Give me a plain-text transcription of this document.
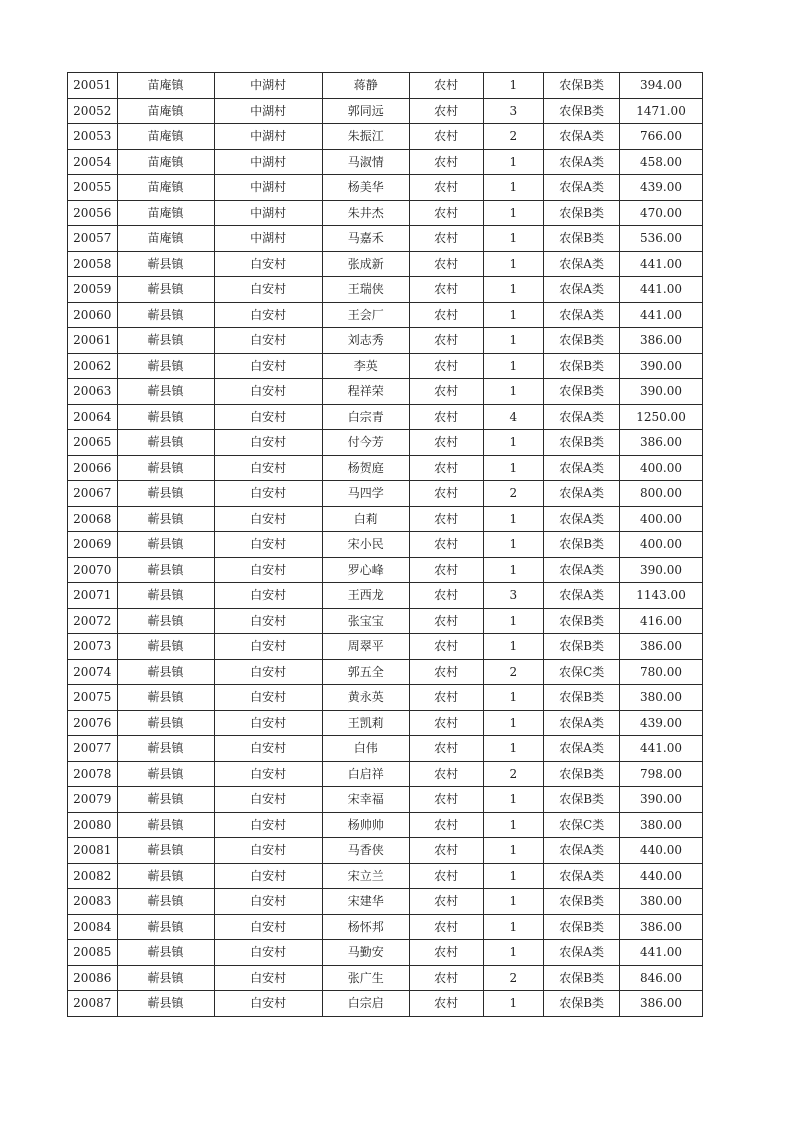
20051	苗庵镇	中湖村	蒋静	农村	1	农保B类	394.00
20052	苗庵镇	中湖村	郭同远	农村	3	农保B类	1471.00
20053	苗庵镇	中湖村	朱振江	农村	2	农保A类	766.00
20054	苗庵镇	中湖村	马淑情	农村	1	农保A类	458.00
20055	苗庵镇	中湖村	杨美华	农村	1	农保A类	439.00
20056	苗庵镇	中湖村	朱井杰	农村	1	农保B类	470.00
20057	苗庵镇	中湖村	马嘉禾	农村	1	农保B类	536.00
20058	蕲县镇	白安村	张成新	农村	1	农保A类	441.00
20059	蕲县镇	白安村	王瑞侠	农村	1	农保A类	441.00
20060	蕲县镇	白安村	王会厂	农村	1	农保A类	441.00
20061	蕲县镇	白安村	刘志秀	农村	1	农保B类	386.00
20062	蕲县镇	白安村	李英	农村	1	农保B类	390.00
20063	蕲县镇	白安村	程祥荣	农村	1	农保B类	390.00
20064	蕲县镇	白安村	白宗青	农村	4	农保A类	1250.00
20065	蕲县镇	白安村	付今芳	农村	1	农保B类	386.00
20066	蕲县镇	白安村	杨贺庭	农村	1	农保A类	400.00
20067	蕲县镇	白安村	马四学	农村	2	农保A类	800.00
20068	蕲县镇	白安村	白莉	农村	1	农保A类	400.00
20069	蕲县镇	白安村	宋小民	农村	1	农保B类	400.00
20070	蕲县镇	白安村	罗心峰	农村	1	农保A类	390.00
20071	蕲县镇	白安村	王西龙	农村	3	农保A类	1143.00
20072	蕲县镇	白安村	张宝宝	农村	1	农保B类	416.00
20073	蕲县镇	白安村	周翠平	农村	1	农保B类	386.00
20074	蕲县镇	白安村	郭五全	农村	2	农保C类	780.00
20075	蕲县镇	白安村	黄永英	农村	1	农保B类	380.00
20076	蕲县镇	白安村	王凯莉	农村	1	农保A类	439.00
20077	蕲县镇	白安村	白伟	农村	1	农保A类	441.00
20078	蕲县镇	白安村	白启祥	农村	2	农保B类	798.00
20079	蕲县镇	白安村	宋幸福	农村	1	农保B类	390.00
20080	蕲县镇	白安村	杨帅帅	农村	1	农保C类	380.00
20081	蕲县镇	白安村	马香侠	农村	1	农保A类	440.00
20082	蕲县镇	白安村	宋立兰	农村	1	农保A类	440.00
20083	蕲县镇	白安村	宋建华	农村	1	农保B类	380.00
20084	蕲县镇	白安村	杨怀邦	农村	1	农保B类	386.00
20085	蕲县镇	白安村	马勤安	农村	1	农保A类	441.00
20086	蕲县镇	白安村	张广生	农村	2	农保B类	846.00
20087	蕲县镇	白安村	白宗启	农村	1	农保B类	386.00
